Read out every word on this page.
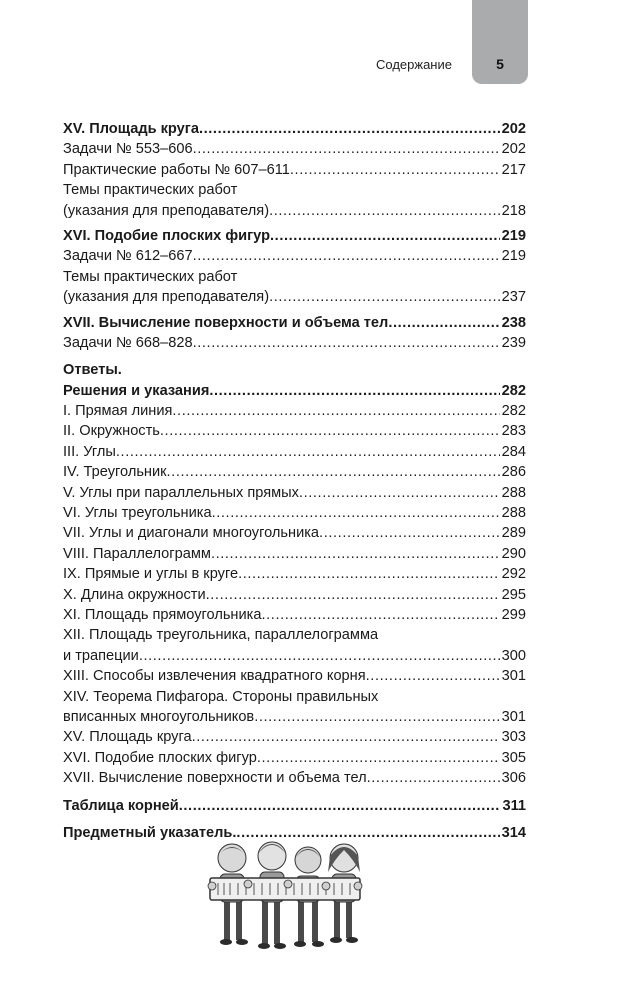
Содержание	5
XV. Площадь круга .....	202
Задачи № 553–606 .....	202
Практические работы № 607–611 .....	217
Темы практических работ
(указания для преподавателя) .....	218
XVI. Подобие плоских фигур .....	219
Задачи № 612–667 .....	219
Темы практических работ
(указания для преподавателя) .....	237
XVII. Вычисление поверхности и объема тел .....	238
Задачи № 668–828 .....	239
Ответы.
Решения и указания .....	282
I. Прямая линия .....	282
II. Окружность .....	283
III. Углы .....	284
IV. Треугольник .....	286
V. Углы при параллельных прямых .....	288
VI. Углы треугольника .....	288
VII. Углы и диагонали многоугольника .....	289
VIII. Параллелограмм .....	290
IX. Прямые и углы в круге .....	292
X. Длина окружности .....	295
XI. Площадь прямоугольника .....	299
XII. Площадь треугольника, параллелограмма
и трапеции .....	300
XIII. Способы извлечения квадратного корня .....	301
XIV. Теорема Пифагора. Стороны правильных
вписанных многоугольников .....	301
XV. Площадь круга .....	303
XVI. Подобие плоских фигур .....	305
XVII. Вычисление поверхности и объема тел .....	306
Таблица корней .....	311
Предметный указатель. .....	314
